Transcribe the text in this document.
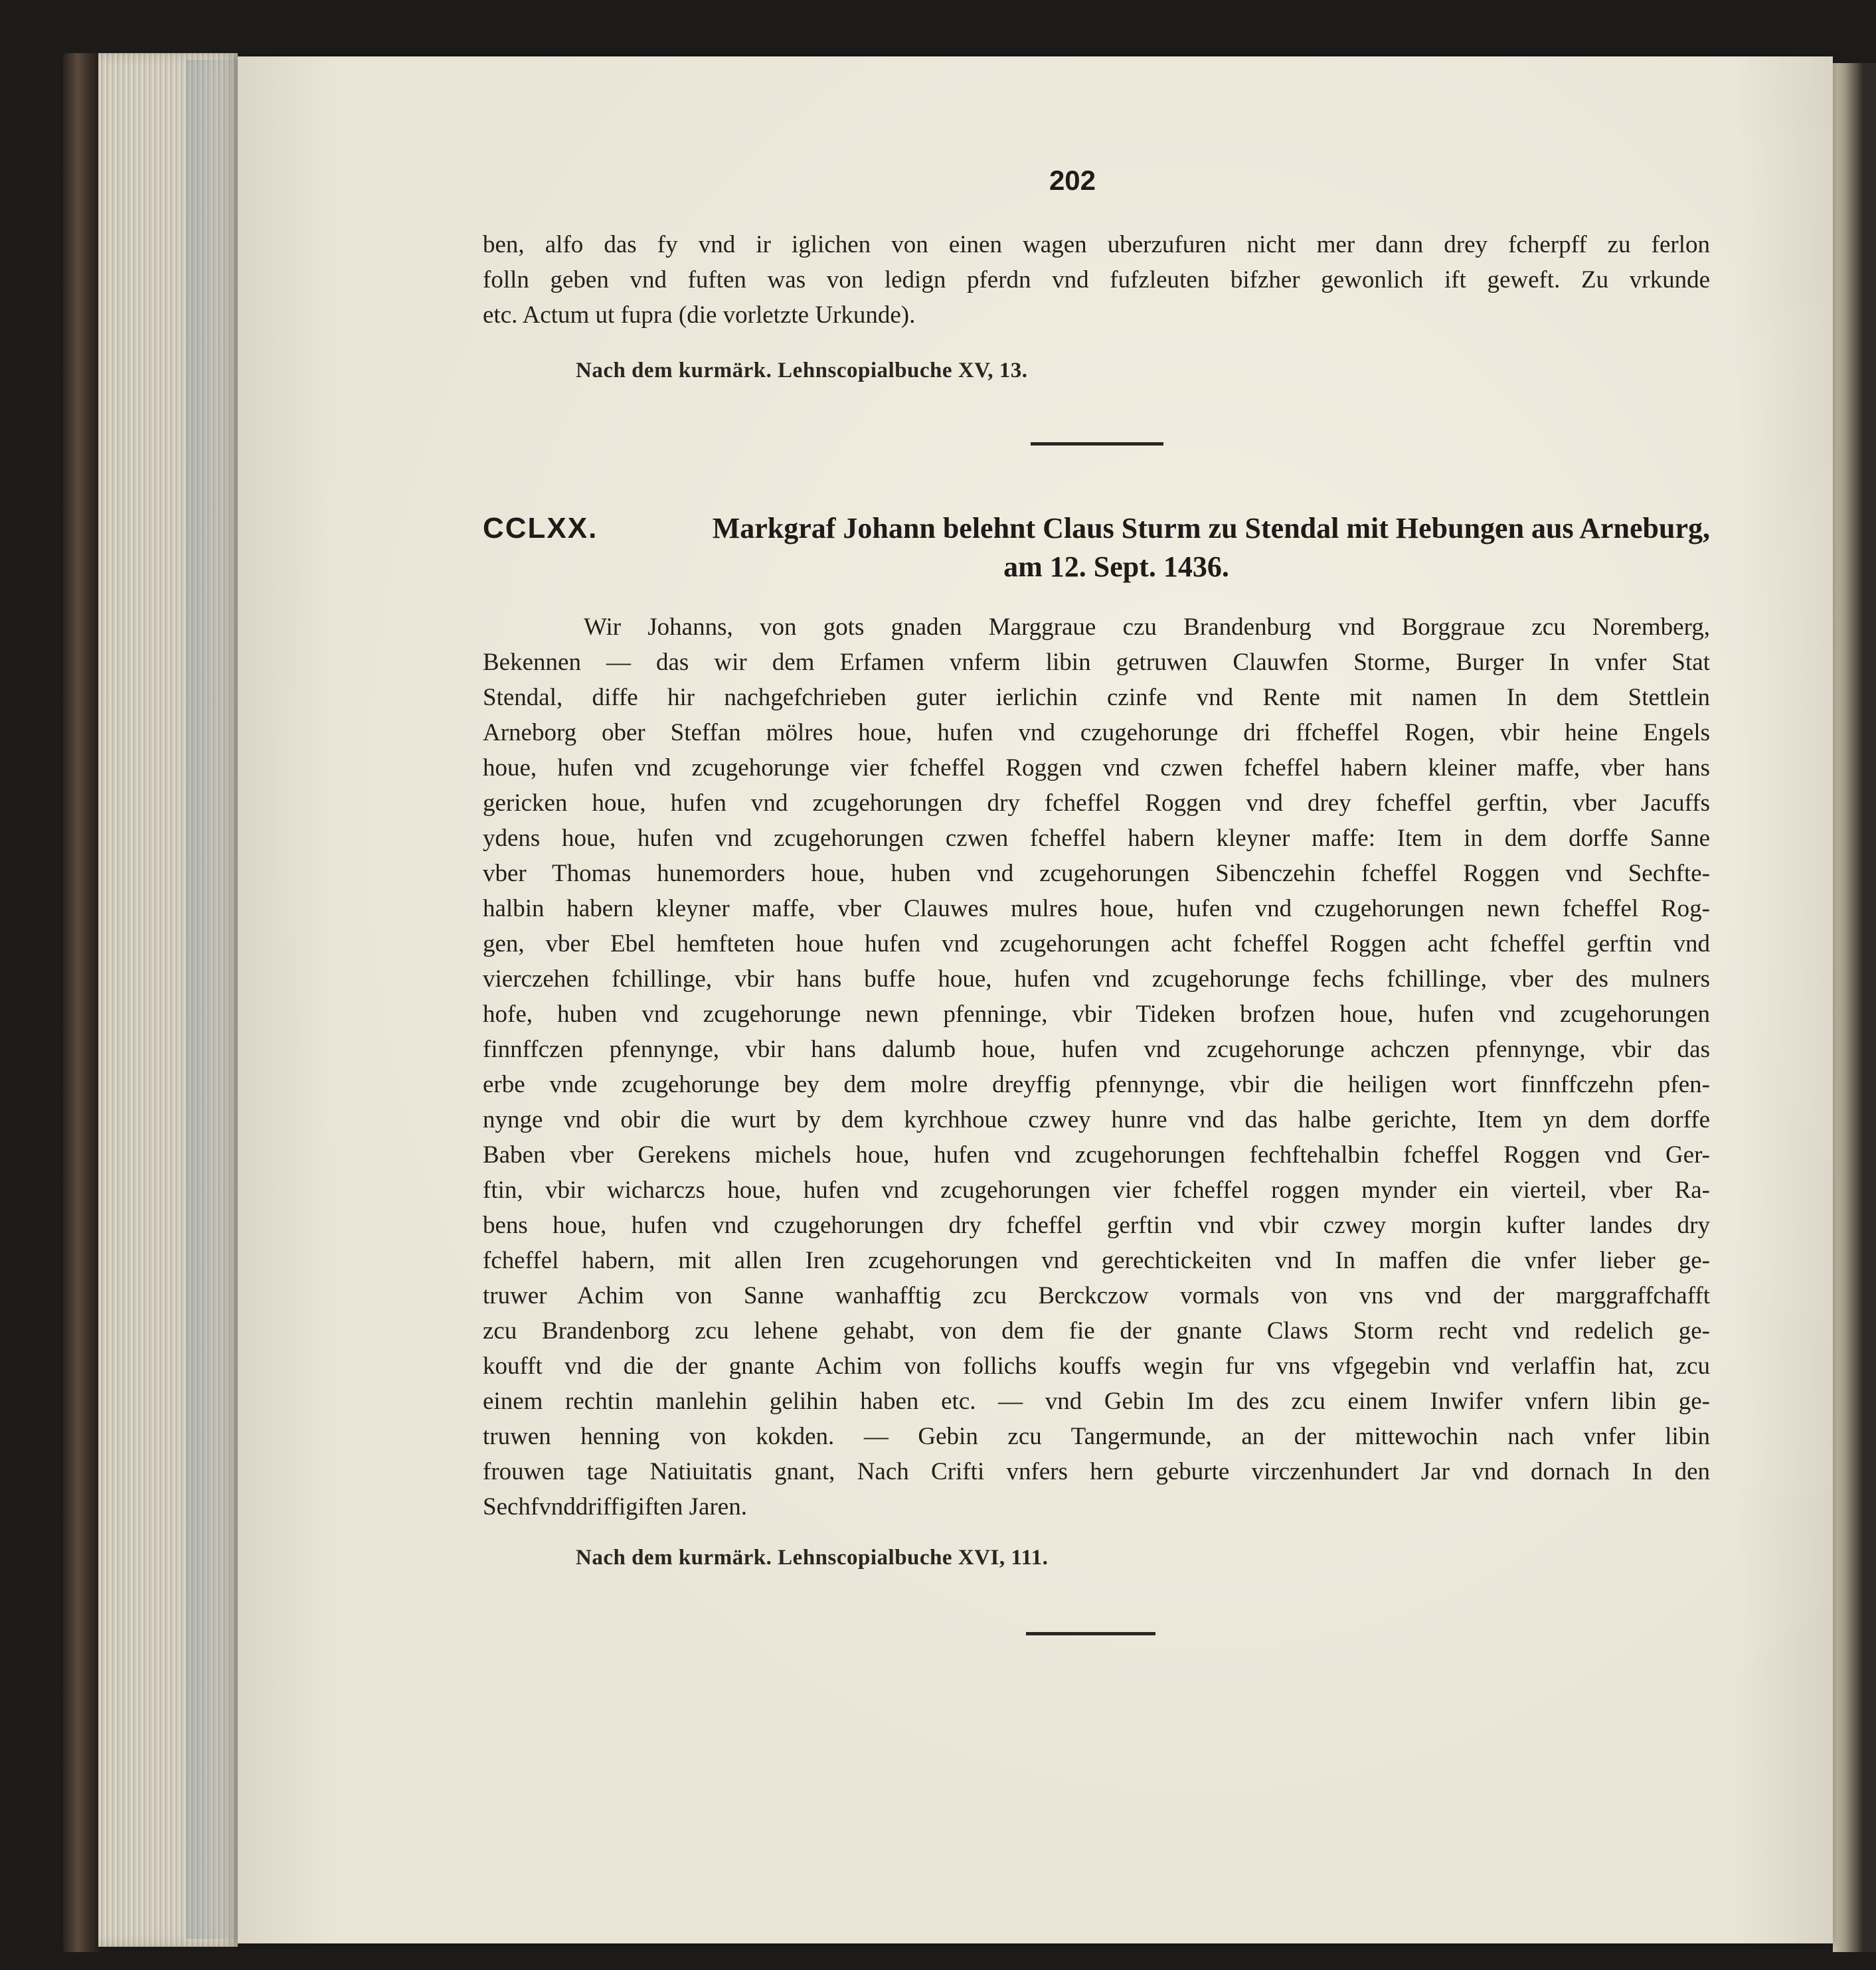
202

ben, alfo das fy vnd ir iglichen von einen wagen uberzufuren nicht mer dann drey fcherpff zu ferlon
folln geben vnd fuften was von ledign pferdn vnd fufzleuten bifzher gewonlich ift geweft. Zu vrkunde
etc. Actum ut fupra (die vorletzte Urkunde).

Nach dem kurmärk. Lehnscopialbuche XV, 13.
CCLXX.	Markgraf Johann belehnt Claus Sturm zu Stendal mit Hebungen aus Arneburg,
am 12. Sept. 1436.

Wir Johanns, von gots gnaden Marggraue czu Brandenburg vnd Borggraue zcu Noremberg,
Bekennen — das wir dem Erfamen vnferm libin getruwen Clauwfen Storme, Burger In vnfer Stat
Stendal, diffe hir nachgefchrieben guter ierlichin czinfe vnd Rente mit namen In dem Stettlein
Arneborg ober Steffan mölres houe, hufen vnd czugehorunge dri ffcheffel Rogen, vbir heine Engels
houe, hufen vnd zcugehorunge vier fcheffel Roggen vnd czwen fcheffel habern kleiner maffe, vber hans
gericken houe, hufen vnd zcugehorungen dry fcheffel Roggen vnd drey fcheffel gerftin, vber Jacuffs
ydens houe, hufen vnd zcugehorungen czwen fcheffel habern kleyner maffe: Item in dem dorffe Sanne
vber Thomas hunemorders houe, huben vnd zcugehorungen Sibenczehin fcheffel Roggen vnd Sechfte-
halbin habern kleyner maffe, vber Clauwes mulres houe, hufen vnd czugehorungen newn fcheffel Rog-
gen, vber Ebel hemfteten houe hufen vnd zcugehorungen acht fcheffel Roggen acht fcheffel gerftin vnd
vierczehen fchillinge, vbir hans buffe houe, hufen vnd zcugehorunge fechs fchillinge, vber des mulners
hofe, huben vnd zcugehorunge newn pfenninge, vbir Tideken brofzen houe, hufen vnd zcugehorungen
finnffczen pfennynge, vbir hans dalumb houe, hufen vnd zcugehorunge achczen pfennynge, vbir das
erbe vnde zcugehorunge bey dem molre dreyffig pfennynge, vbir die heiligen wort finnffczehn pfen-
nynge vnd obir die wurt by dem kyrchhoue czwey hunre vnd das halbe gerichte, Item yn dem dorffe
Baben vber Gerekens michels houe, hufen vnd zcugehorungen fechftehalbin fcheffel Roggen vnd Ger-
ftin, vbir wicharczs houe, hufen vnd zcugehorungen vier fcheffel roggen mynder ein vierteil, vber Ra-
bens houe, hufen vnd czugehorungen dry fcheffel gerftin vnd vbir czwey morgin kufter landes dry
fcheffel habern, mit allen Iren zcugehorungen vnd gerechtickeiten vnd In maffen die vnfer lieber ge-
truwer Achim von Sanne wanhafftig zcu Berckczow vormals von vns vnd der marggraffchafft
zcu Brandenborg zcu lehene gehabt, von dem fie der gnante Claws Storm recht vnd redelich ge-
koufft vnd die der gnante Achim von follichs kouffs wegin fur vns vfgegebin vnd verlaffin hat, zcu
einem rechtin manlehin gelihin haben etc. — vnd Gebin Im des zcu einem Inwifer vnfern libin ge-
truwen henning von kokden. — Gebin zcu Tangermunde, an der mittewochin nach vnfer libin
frouwen tage Natiuitatis gnant, Nach Crifti vnfers hern geburte virczenhundert Jar vnd dornach In den
Sechfvnddriffigiften Jaren.

Nach dem kurmärk. Lehnscopialbuche XVI, 111.
